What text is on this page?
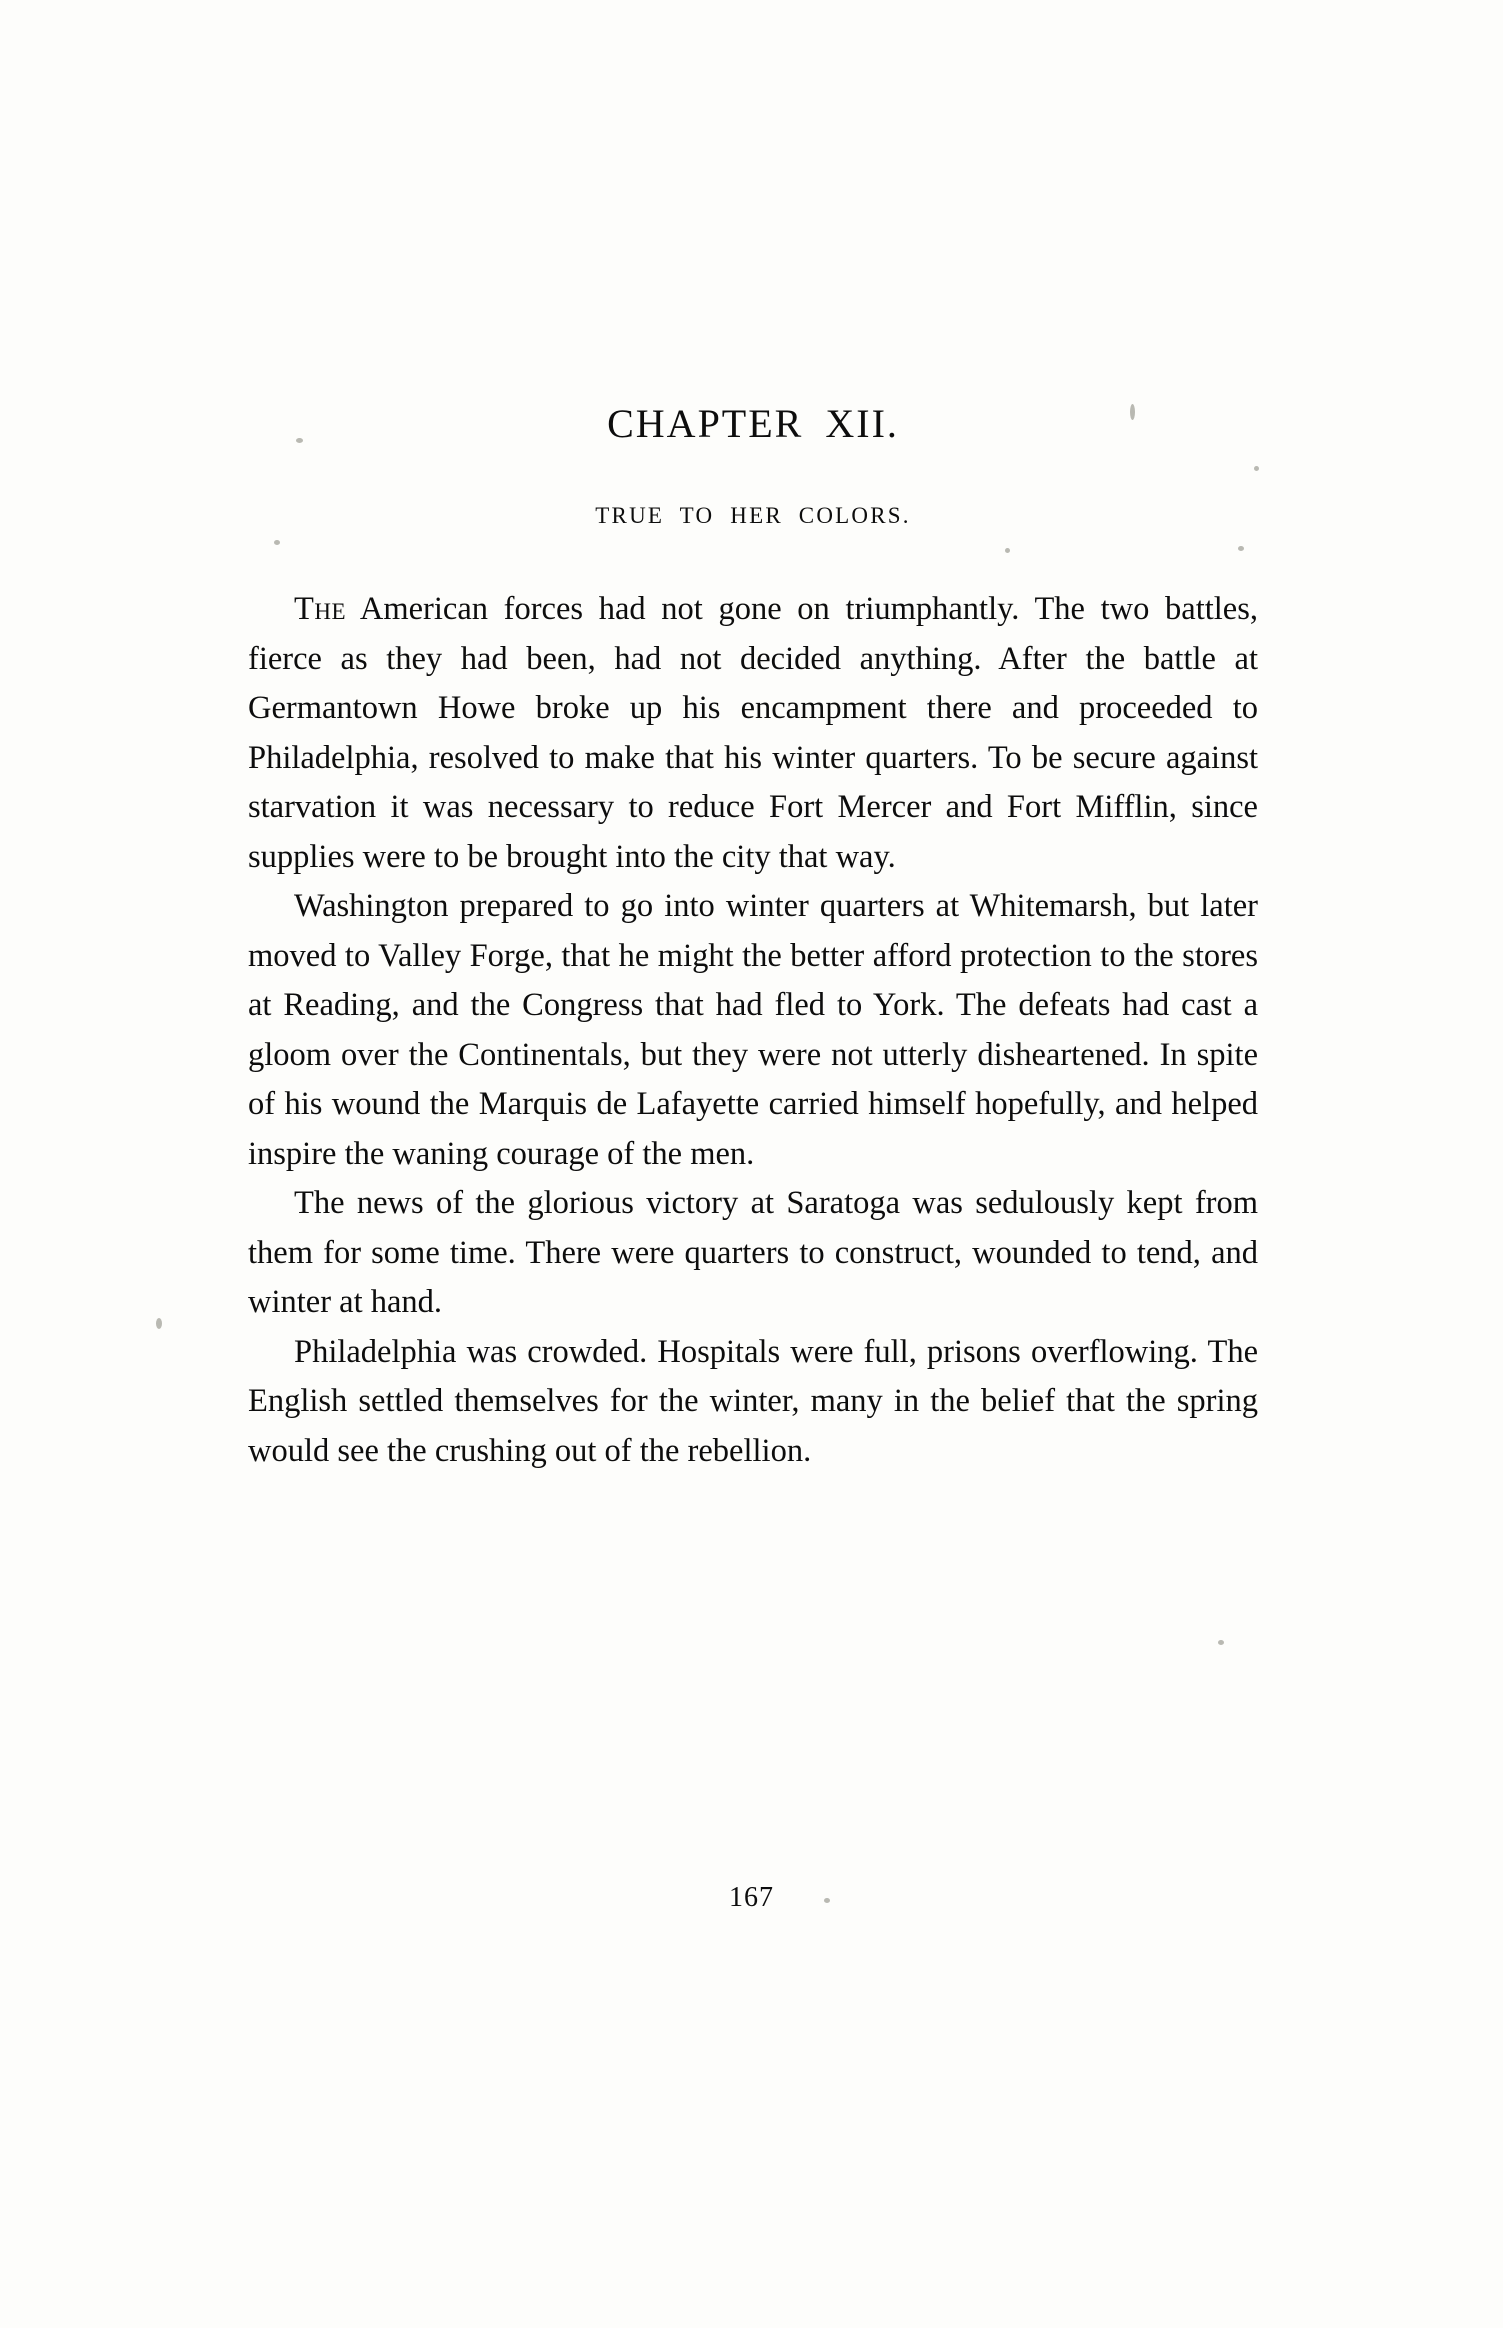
CHAPTER XII.
TRUE TO HER COLORS.

The American forces had not gone on triumphantly. The two battles, fierce as they had been, had not decided anything. After the battle at Germantown Howe broke up his encampment there and proceeded to Philadelphia, resolved to make that his winter quarters. To be secure against starvation it was necessary to reduce Fort Mercer and Fort Mifflin, since supplies were to be brought into the city that way.

Washington prepared to go into winter quarters at Whitemarsh, but later moved to Valley Forge, that he might the better afford protection to the stores at Reading, and the Congress that had fled to York. The defeats had cast a gloom over the Continentals, but they were not utterly disheartened. In spite of his wound the Marquis de Lafayette carried himself hopefully, and helped inspire the waning courage of the men.

The news of the glorious victory at Saratoga was sedulously kept from them for some time. There were quarters to construct, wounded to tend, and winter at hand.

Philadelphia was crowded. Hospitals were full, prisons overflowing. The English settled themselves for the winter, many in the belief that the spring would see the crushing out of the rebellion.

167
